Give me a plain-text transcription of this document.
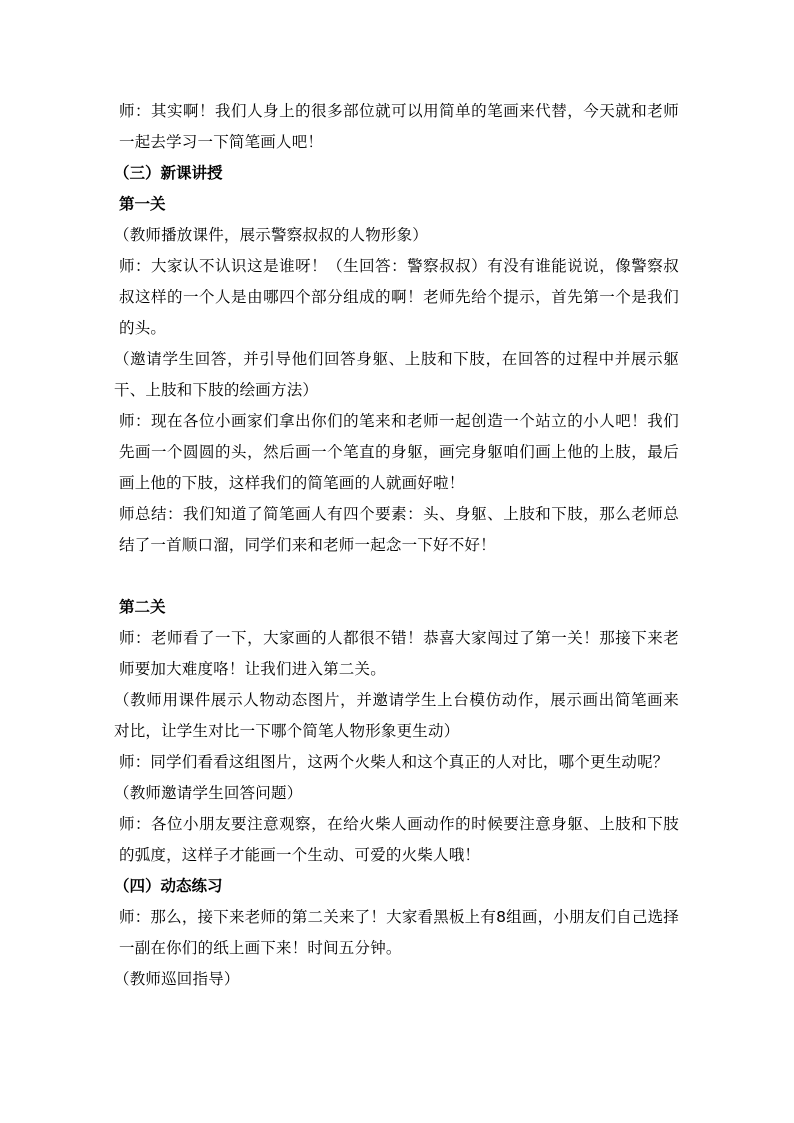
师：其实啊！我们人身上的很多部位就可以用简单的笔画来代替，今天就和老师一起去学习一下简笔画人吧！

（三）新课讲授

第一关

（教师播放课件，展示警察叔叔的人物形象）

师：大家认不认识这是谁呀！（生回答：警察叔叔）有没有谁能说说，像警察叔叔这样的一个人是由哪四个部分组成的啊！老师先给个提示，首先第一个是我们的头。

（邀请学生回答，并引导他们回答身躯、上肢和下肢，在回答的过程中并展示躯干、上肢和下肢的绘画方法）

师：现在各位小画家们拿出你们的笔来和老师一起创造一个站立的小人吧！我们先画一个圆圆的头，然后画一个笔直的身躯，画完身躯咱们画上他的上肢，最后画上他的下肢，这样我们的简笔画的人就画好啦！

师总结：我们知道了简笔画人有四个要素：头、身躯、上肢和下肢，那么老师总结了一首顺口溜，同学们来和老师一起念一下好不好！

第二关

师：老师看了一下，大家画的人都很不错！恭喜大家闯过了第一关！那接下来老师要加大难度咯！让我们进入第二关。

（教师用课件展示人物动态图片，并邀请学生上台模仿动作，展示画出简笔画来对比，让学生对比一下哪个简笔人物形象更生动）

师：同学们看看这组图片，这两个火柴人和这个真正的人对比，哪个更生动呢？

（教师邀请学生回答问题）

师：各位小朋友要注意观察，在给火柴人画动作的时候要注意身躯、上肢和下肢的弧度，这样子才能画一个生动、可爱的火柴人哦！

（四）动态练习

师：那么，接下来老师的第二关来了！大家看黑板上有8组画，小朋友们自己选择一副在你们的纸上画下来！时间五分钟。

（教师巡回指导）
